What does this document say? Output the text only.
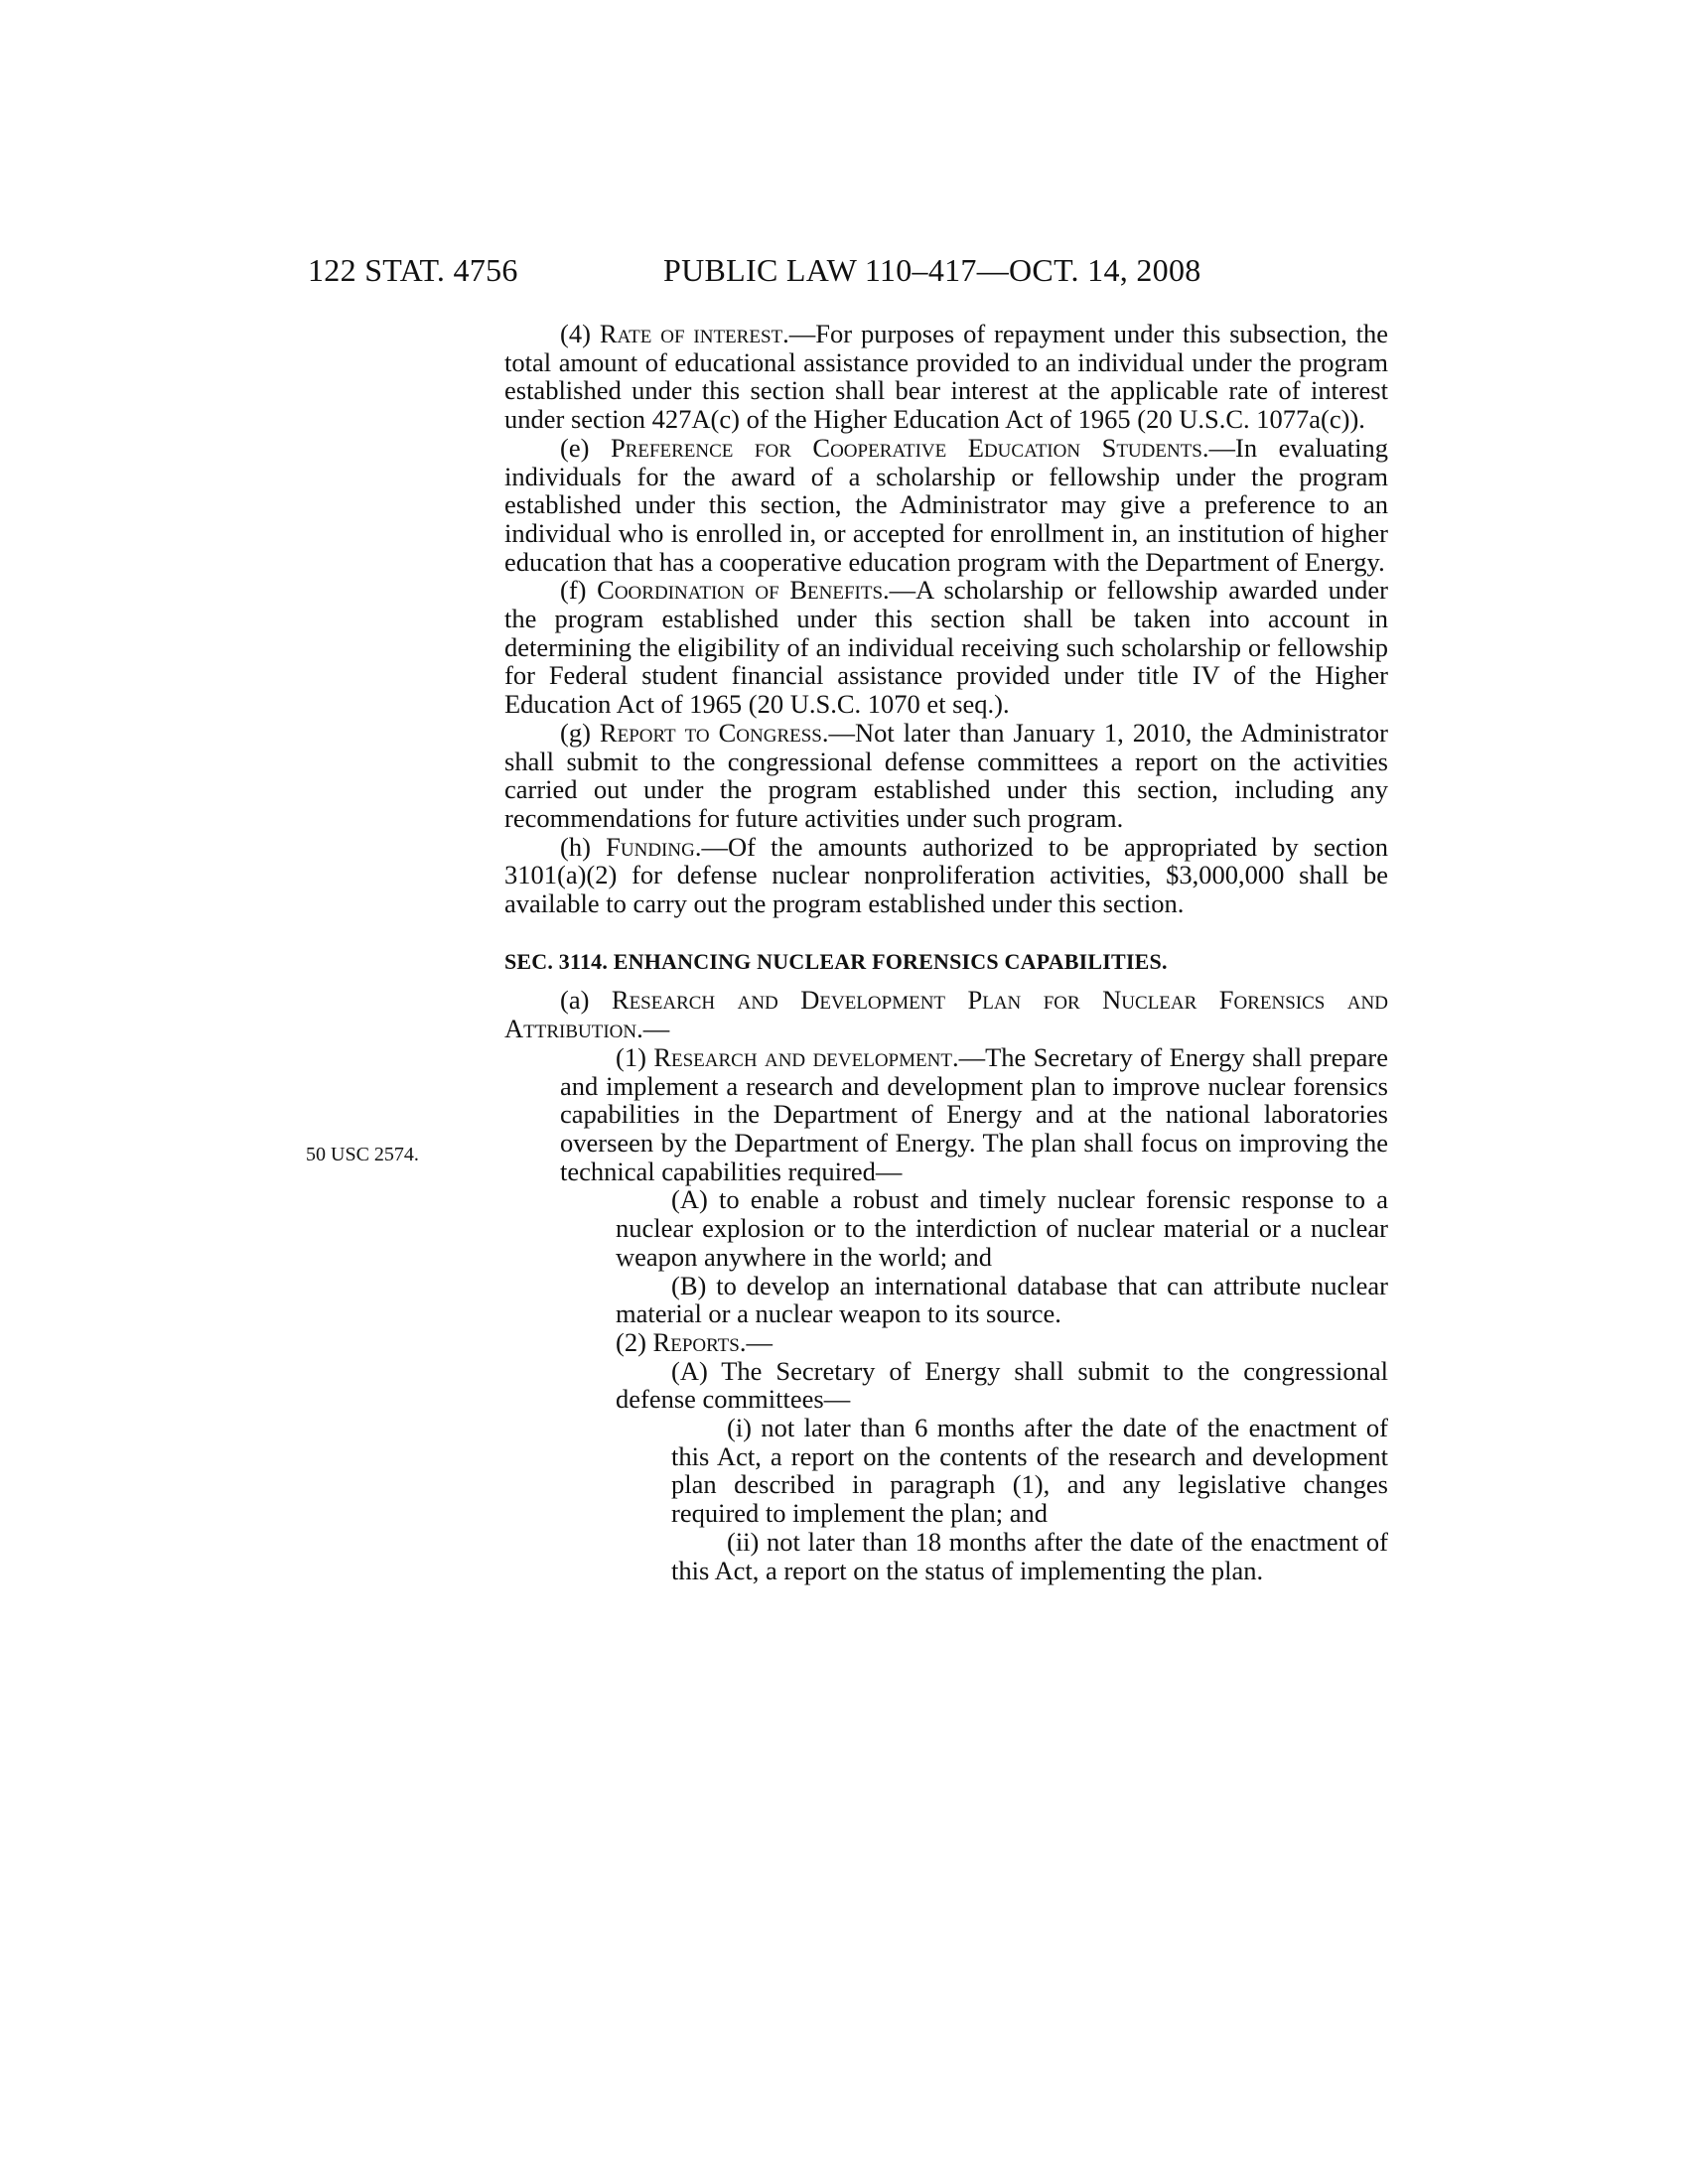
122 STAT. 4756	PUBLIC LAW 110–417—OCT. 14, 2008
50 USC 2574.

(4) Rate of interest.—For purposes of repayment under this subsection, the total amount of educational assistance provided to an individual under the program established under this section shall bear interest at the applicable rate of interest under section 427A(c) of the Higher Education Act of 1965 (20 U.S.C. 1077a(c)).

(e) Preference for Cooperative Education Students.—In evaluating individuals for the award of a scholarship or fellowship under the program established under this section, the Administrator may give a preference to an individual who is enrolled in, or accepted for enrollment in, an institution of higher education that has a cooperative education program with the Department of Energy.

(f) Coordination of Benefits.—A scholarship or fellowship awarded under the program established under this section shall be taken into account in determining the eligibility of an individual receiving such scholarship or fellowship for Federal student financial assistance provided under title IV of the Higher Education Act of 1965 (20 U.S.C. 1070 et seq.).

(g) Report to Congress.—Not later than January 1, 2010, the Administrator shall submit to the congressional defense committees a report on the activities carried out under the program established under this section, including any recommendations for future activities under such program.

(h) Funding.—Of the amounts authorized to be appropriated by section 3101(a)(2) for defense nuclear nonproliferation activities, $3,000,000 shall be available to carry out the program established under this section.

SEC. 3114. ENHANCING NUCLEAR FORENSICS CAPABILITIES.

(a) Research and Development Plan for Nuclear Forensics and Attribution.—

(1) Research and development.—The Secretary of Energy shall prepare and implement a research and development plan to improve nuclear forensics capabilities in the Department of Energy and at the national laboratories overseen by the Department of Energy. The plan shall focus on improving the technical capabilities required—

(A) to enable a robust and timely nuclear forensic response to a nuclear explosion or to the interdiction of nuclear material or a nuclear weapon anywhere in the world; and

(B) to develop an international database that can attribute nuclear material or a nuclear weapon to its source.

(2) Reports.—

(A) The Secretary of Energy shall submit to the congressional defense committees—

(i) not later than 6 months after the date of the enactment of this Act, a report on the contents of the research and development plan described in paragraph (1), and any legislative changes required to implement the plan; and

(ii) not later than 18 months after the date of the enactment of this Act, a report on the status of implementing the plan.
